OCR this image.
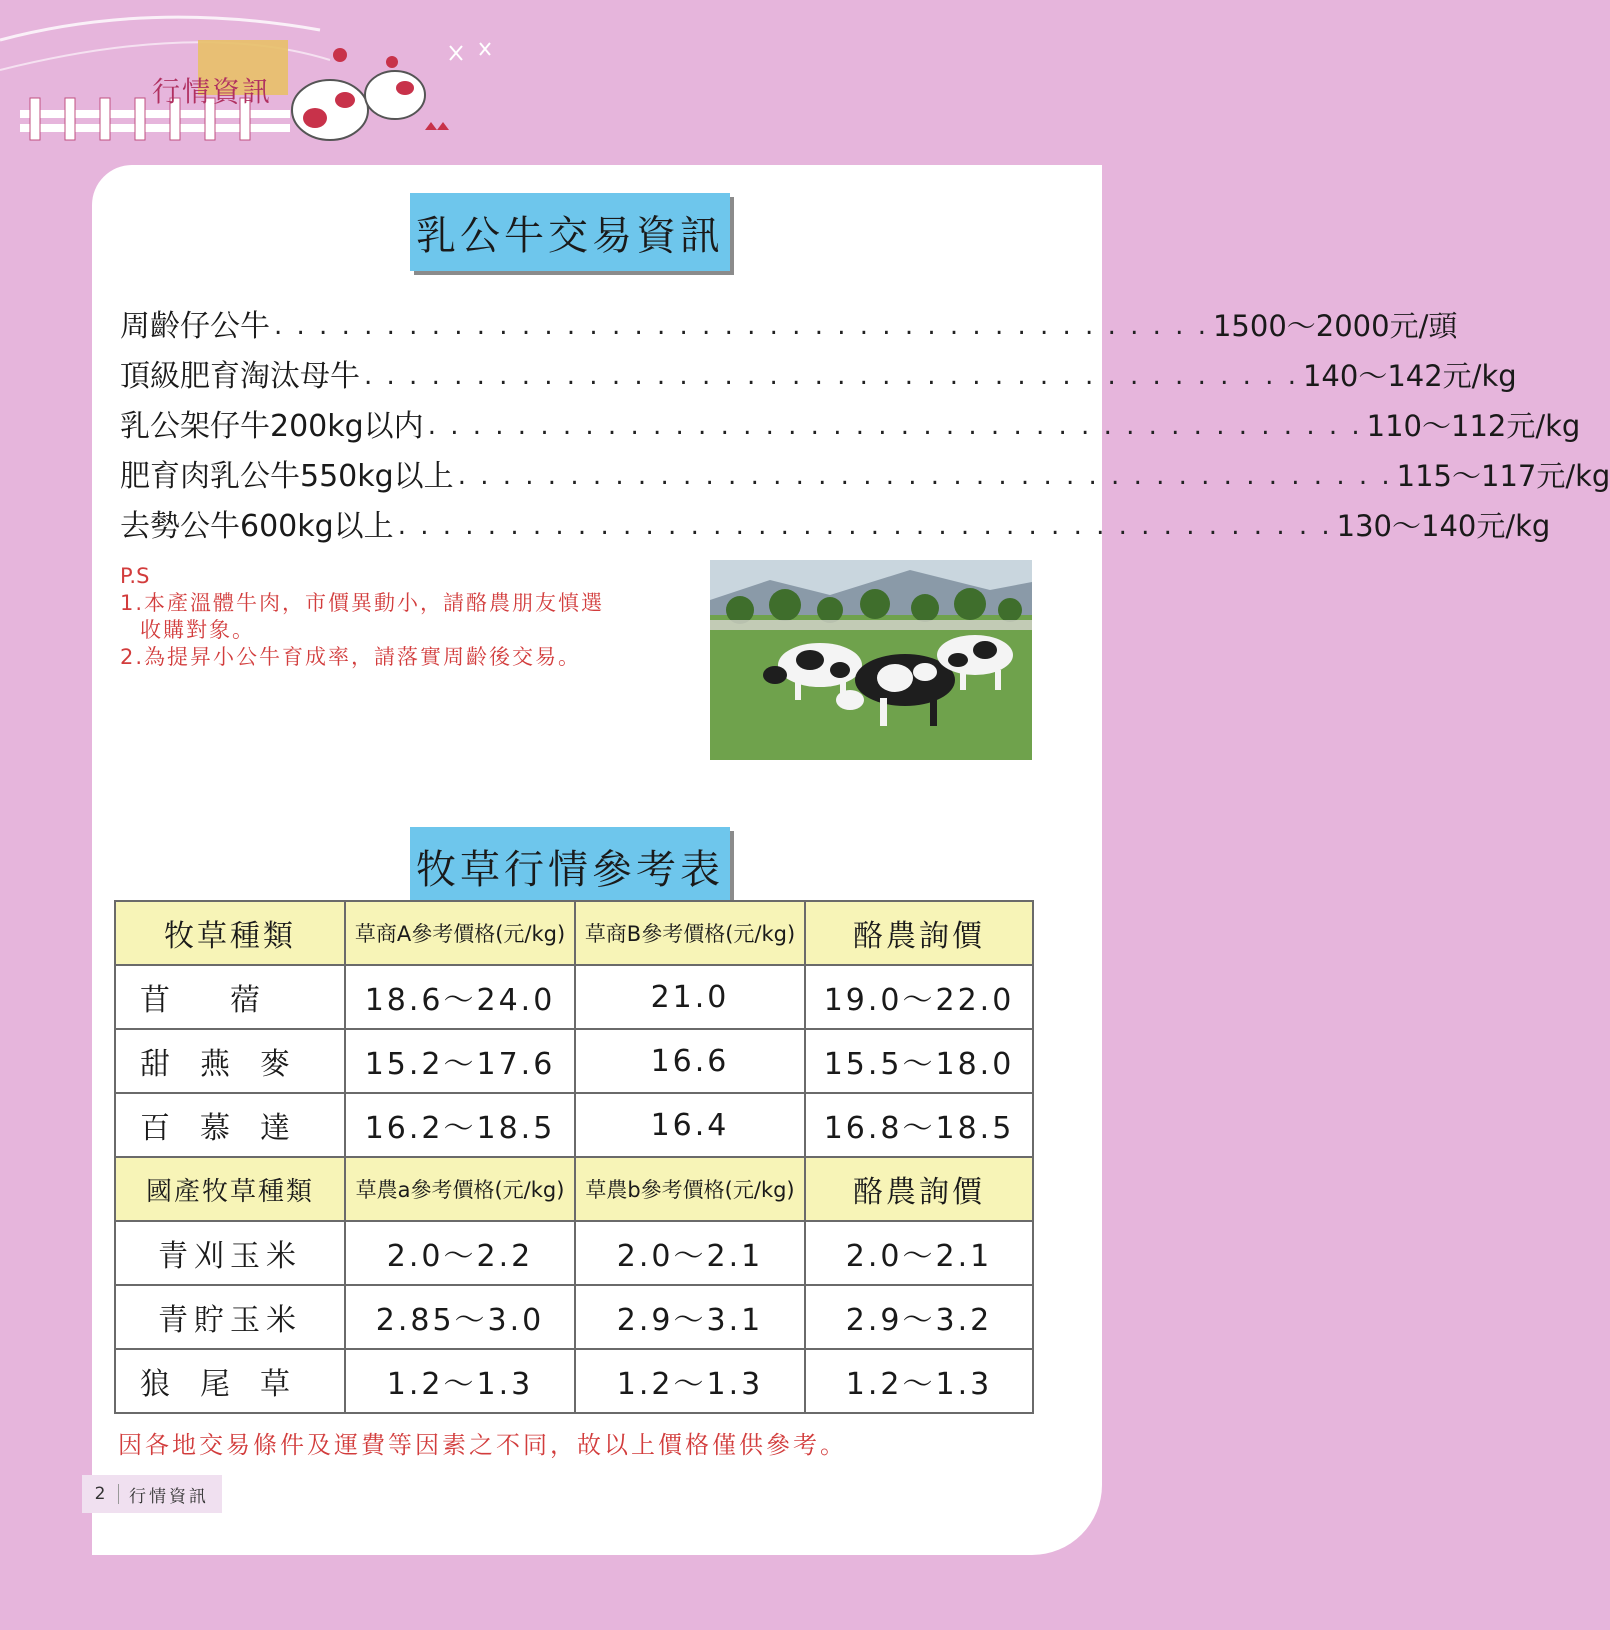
行情資訊
乳公牛交易資訊
周齡仔公牛 . . . . . . . . . . . . . . . . . . . . . . . . . . . . . . . . . . . . . . . . . . 1500～2000元/頭
頂級肥育淘汰母牛 . . . . . . . . . . . . . . . . . . . . . . . . . . . . . . . . . . . . . . . . . . 140～142元/kg
乳公架仔牛200kg以内 . . . . . . . . . . . . . . . . . . . . . . . . . . . . . . . . . . . . . . . . . . 110～112元/kg
肥育肉乳公牛550kg以上 . . . . . . . . . . . . . . . . . . . . . . . . . . . . . . . . . . . . . . . . . . 115～117元/kg
去勢公牛600kg以上 . . . . . . . . . . . . . . . . . . . . . . . . . . . . . . . . . . . . . . . . . . 130～140元/kg
P.S
1.本產溫體牛肉，市價異動小，請酪農朋友慎選
收購對象。
2.為提昇小公牛育成率，請落實周齡後交易。
牧草行情參考表
牧草種類	草商A參考價格(元/kg)	草商B參考價格(元/kg)	酪農詢價
苜蓿	18.6～24.0	21.0	19.0～22.0
甜燕麥	15.2～17.6	16.6	15.5～18.0
百慕達	16.2～18.5	16.4	16.8～18.5
國產牧草種類	草農a參考價格(元/kg)	草農b參考價格(元/kg)	酪農詢價
青刈玉米	2.0～2.2	2.0～2.1	2.0～2.1
青貯玉米	2.85～3.0	2.9～3.1	2.9～3.2
狼尾草	1.2～1.3	1.2～1.3	1.2～1.3
因各地交易條件及運費等因素之不同，故以上價格僅供參考。
2	行情資訊
